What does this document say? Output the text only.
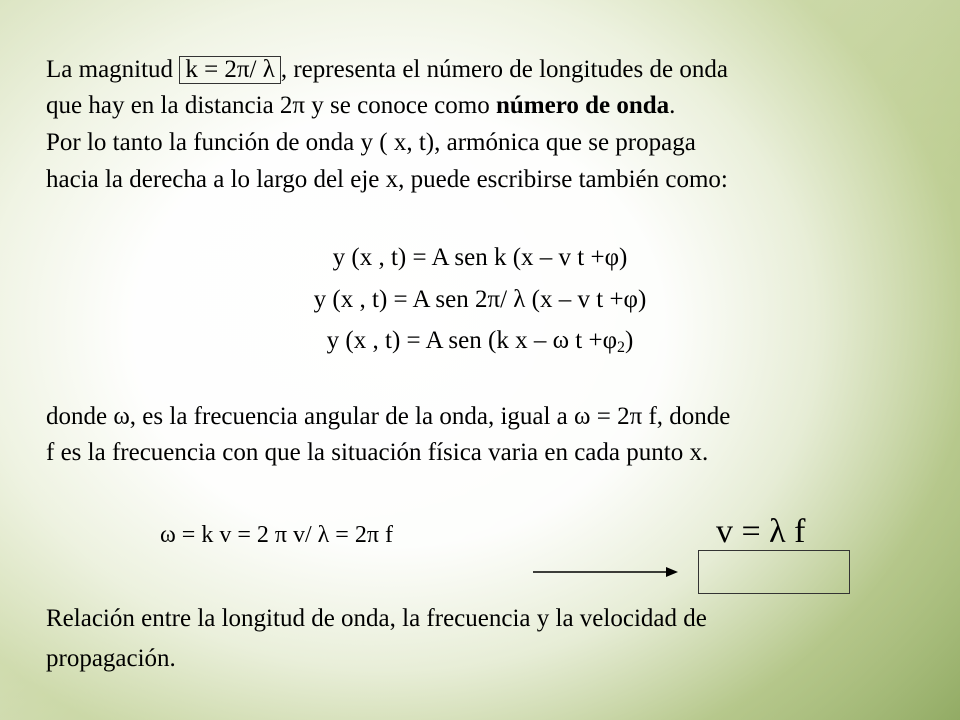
La magnitud k = 2π/ λ, representa el número de longitudes de onda
que hay en la distancia 2π y se conoce como número de onda.
Por lo tanto la función de onda y ( x, t), armónica que se propaga
hacia la derecha a lo largo del eje x, puede escribirse también como:
y (x , t) = A sen k (x – v t +φ)
y (x , t) = A sen 2π/ λ (x – v t +φ)
y (x , t) = A sen (k x – ω $t +\varphi_2$)
donde ω, es la frecuencia angular de la onda, igual a ω = 2π f, donde
f es la frecuencia con que la situación física varia en cada punto x.
ω = k v = 2 π v/ λ = 2π f	v = λ f
Relación entre la longitud de onda, la frecuencia y la velocidad de
propagación.
